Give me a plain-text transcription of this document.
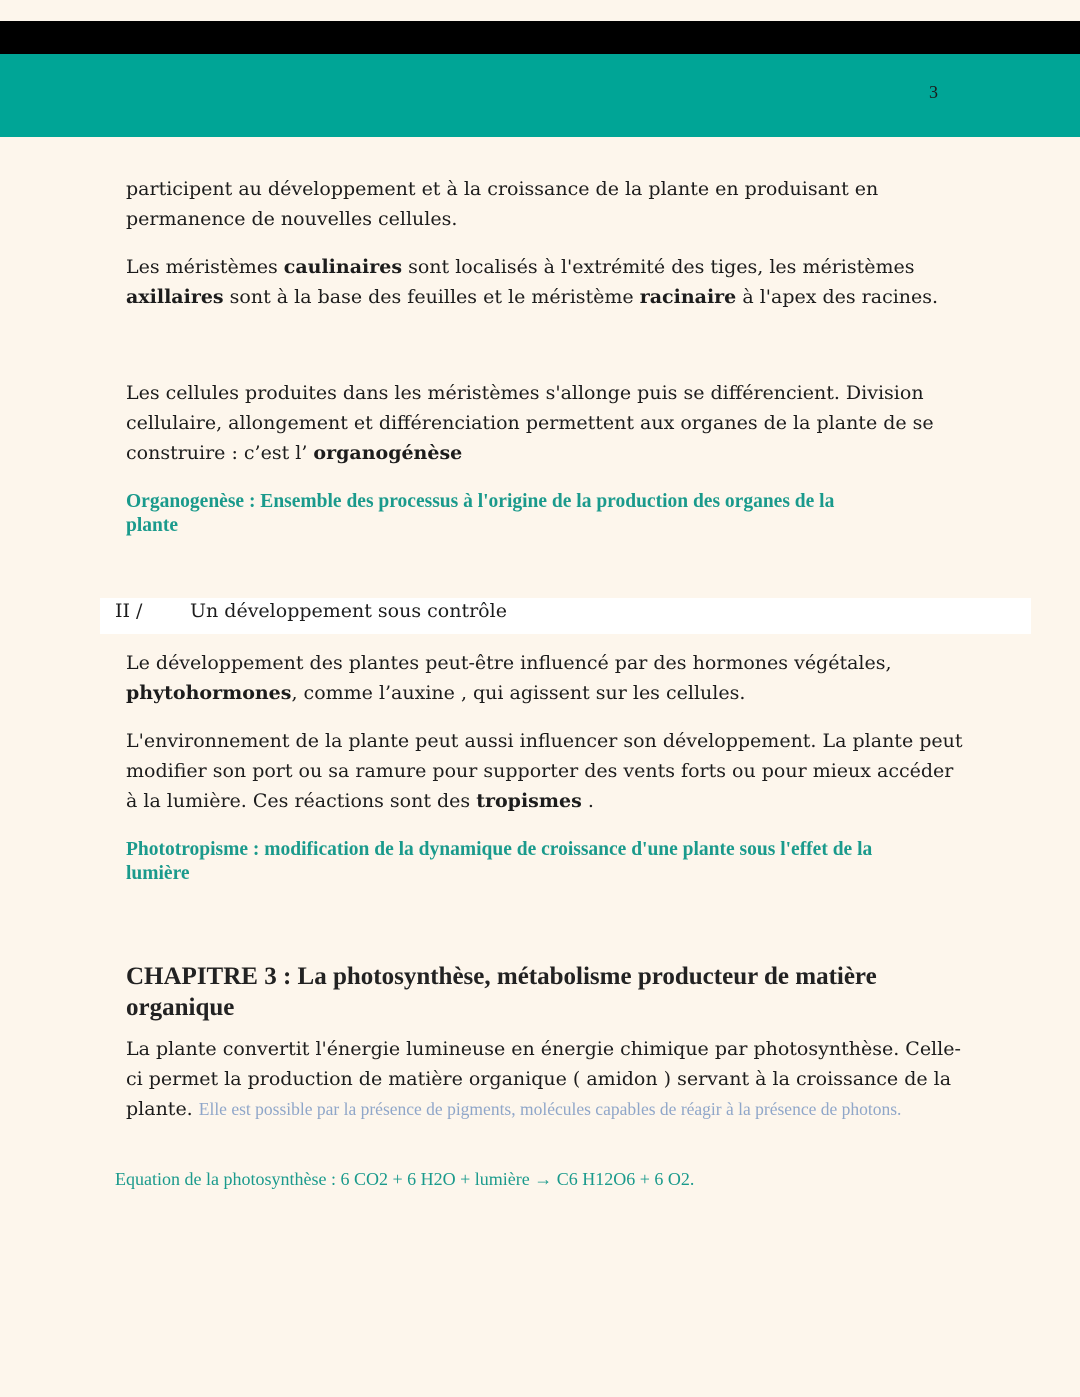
3
participent au développement et à la croissance de la plante en produisant en permanence de nouvelles cellules.
Les méristèmes caulinaires sont localisés à l'extrémité des tiges, les méristèmes axillaires sont à la base des feuilles et le méristème racinaire à l'apex des racines.
Les cellules produites dans les méristèmes s'allonge puis se différencient. Division cellulaire, allongement et différenciation permettent aux organes de la plante de se construire : c’est l’ organogénèse
Organogenèse : Ensemble des processus à l'origine de la production des organes de la plante
II /	Un développement sous contrôle
Le développement des plantes peut-être influencé par des hormones végétales, phytohormones, comme l’auxine , qui agissent sur les cellules.
L'environnement de la plante peut aussi influencer son développement. La plante peut modifier son port ou sa ramure pour supporter des vents forts ou pour mieux accéder à la lumière. Ces réactions sont des tropismes .
Phototropisme : modification de la dynamique de croissance d'une plante sous l'effet de la lumière
CHAPITRE 3 : La photosynthèse, métabolisme producteur de matière organique
La plante convertit l'énergie lumineuse en énergie chimique par photosynthèse. Celle-ci permet la production de matière organique ( amidon ) servant à la croissance de la plante. Elle est possible par la présence de pigments, molécules capables de réagir à la présence de photons.
Equation de la photosynthèse : 6 CO2 + 6 H2O + lumière → C6 H12O6 + 6 O2.
